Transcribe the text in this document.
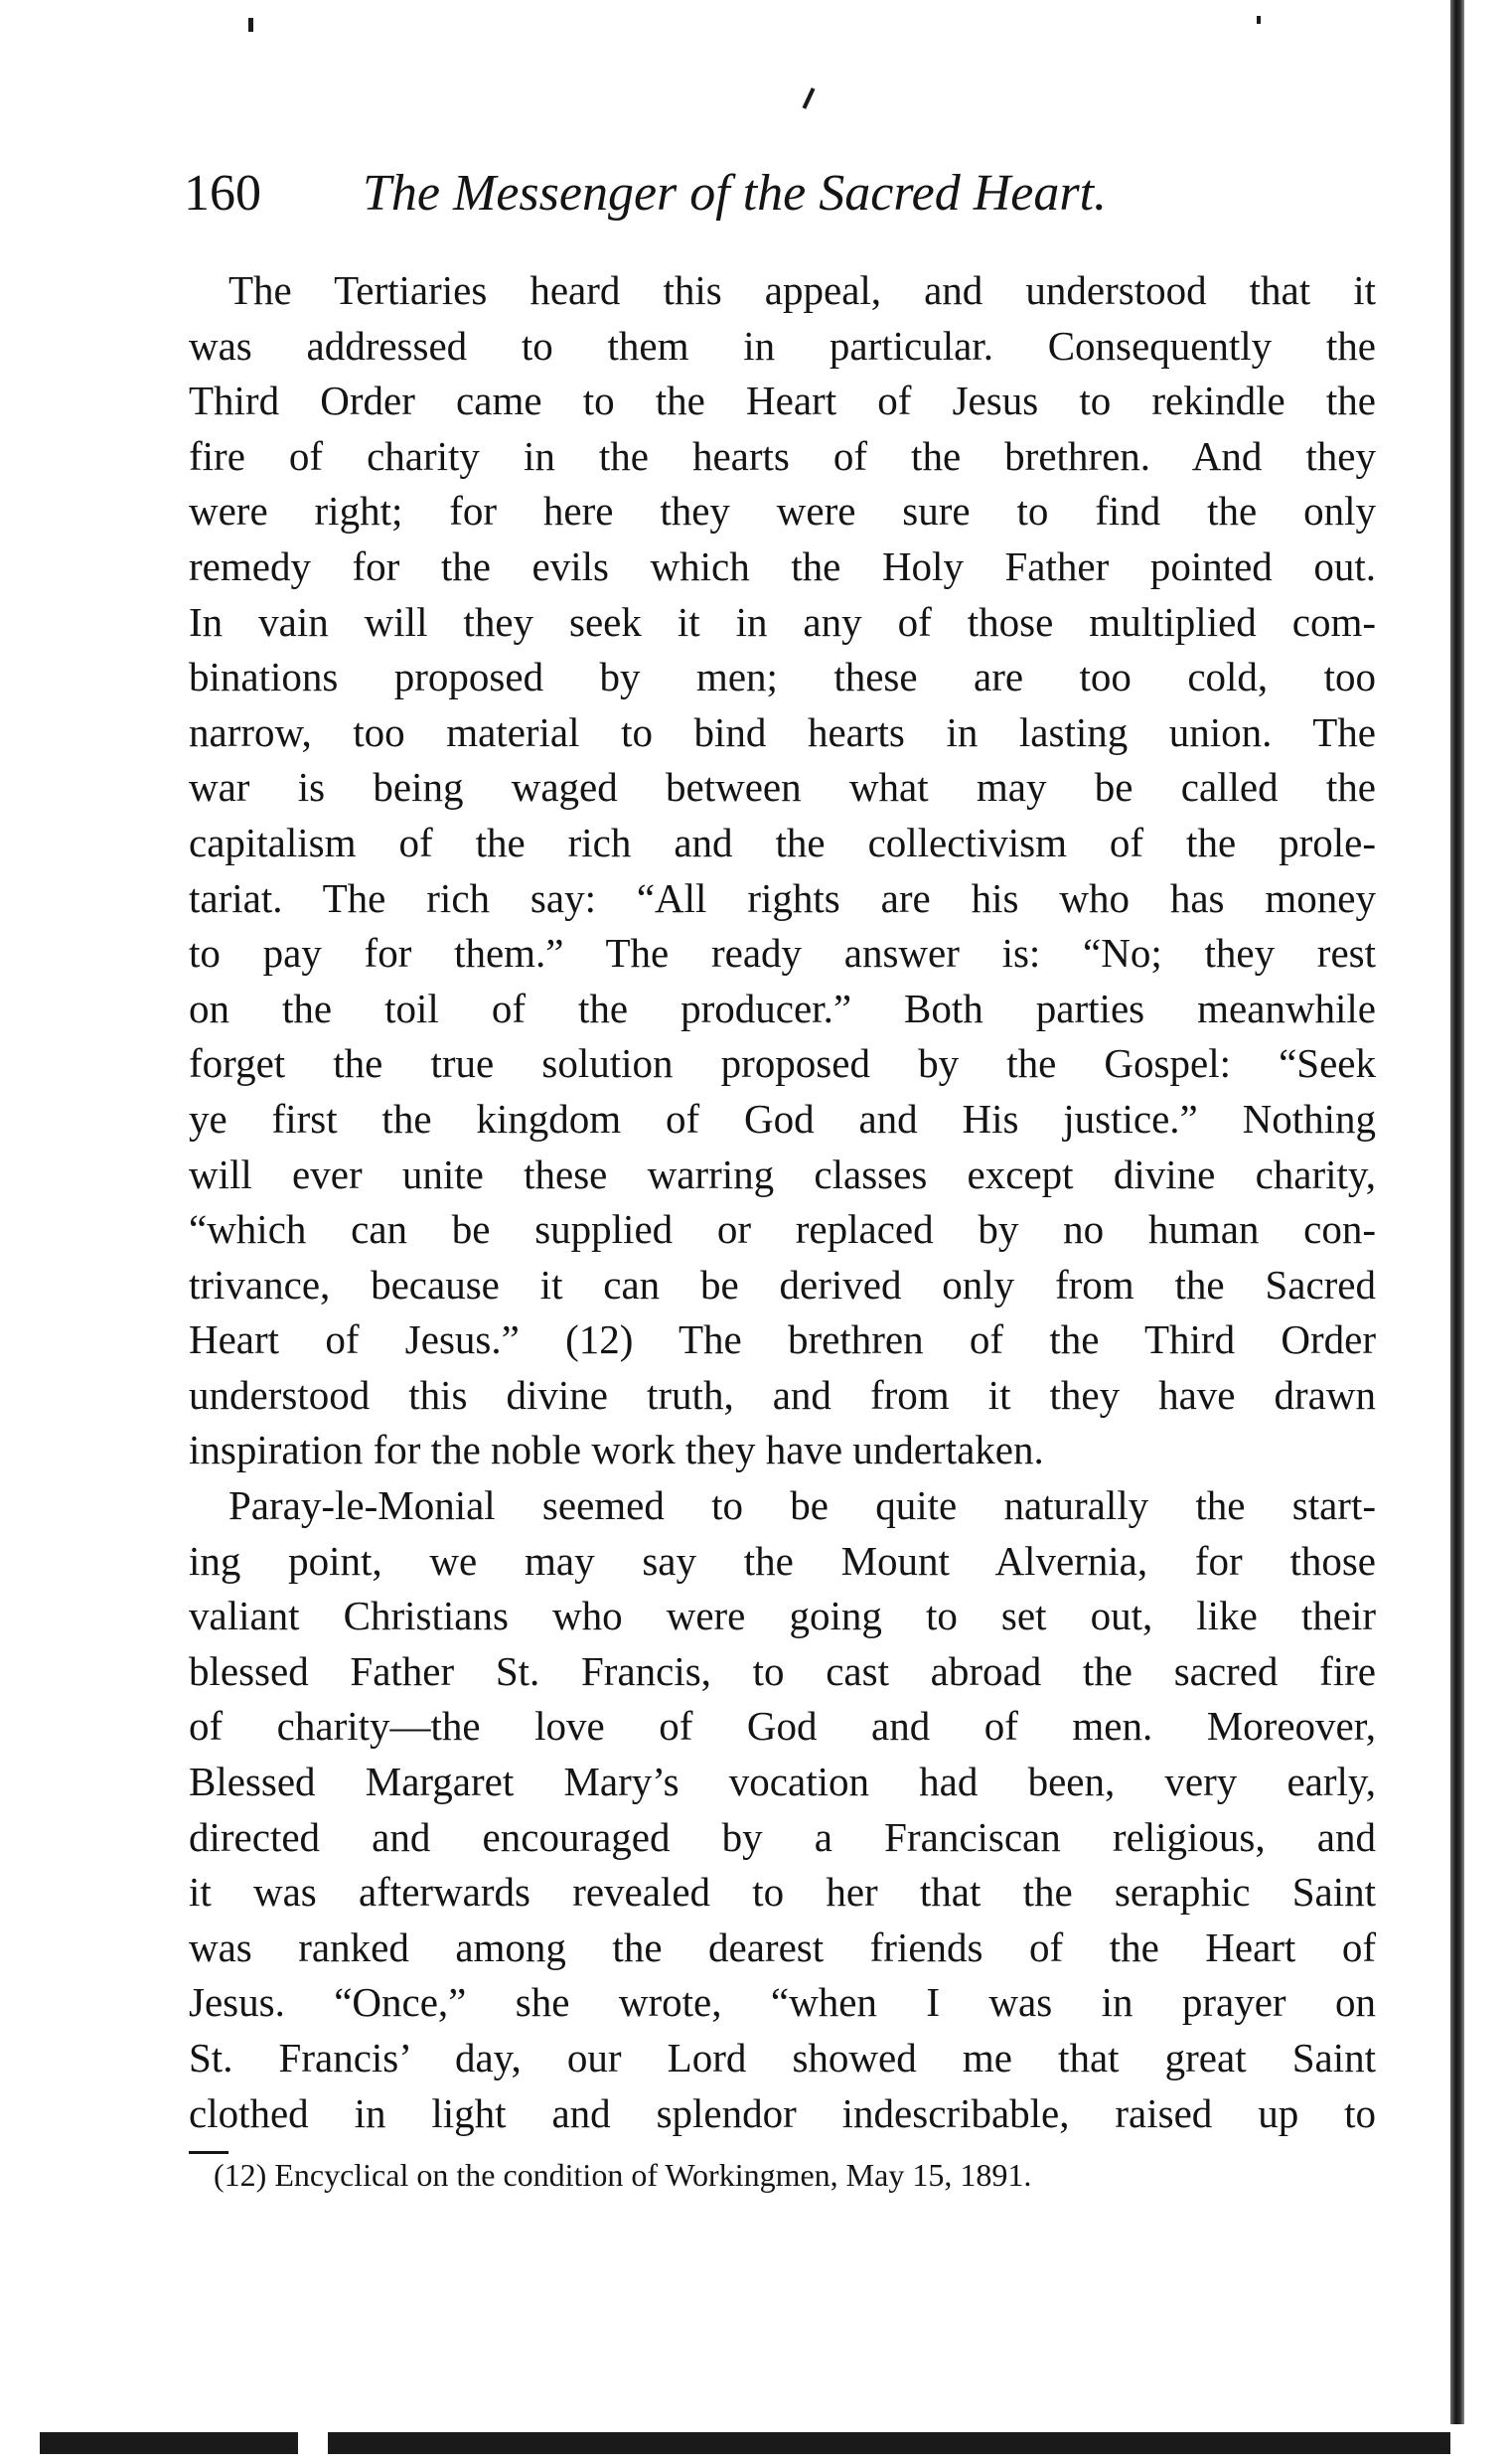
160 The Messenger of the Sacred Heart.
The Tertiaries heard this appeal, and understood that it
was addressed to them in particular. Consequently the
Third Order came to the Heart of Jesus to rekindle the
fire of charity in the hearts of the brethren. And they
were right; for here they were sure to find the only
remedy for the evils which the Holy Father pointed out.
In vain will they seek it in any of those multiplied com-
binations proposed by men; these are too cold, too
narrow, too material to bind hearts in lasting union. The
war is being waged between what may be called the
capitalism of the rich and the collectivism of the prole-
tariat. The rich say: “All rights are his who has money
to pay for them.” The ready answer is: “No; they rest
on the toil of the producer.” Both parties meanwhile
forget the true solution proposed by the Gospel: “Seek
ye first the kingdom of God and His justice.” Nothing
will ever unite these warring classes except divine charity,
“which can be supplied or replaced by no human con-
trivance, because it can be derived only from the Sacred
Heart of Jesus.” (12) The brethren of the Third Order
understood this divine truth, and from it they have drawn
inspiration for the noble work they have undertaken.
Paray-le-Monial seemed to be quite naturally the start-
ing point, we may say the Mount Alvernia, for those
valiant Christians who were going to set out, like their
blessed Father St. Francis, to cast abroad the sacred fire
of charity—the love of God and of men. Moreover,
Blessed Margaret Mary’s vocation had been, very early,
directed and encouraged by a Franciscan religious, and
it was afterwards revealed to her that the seraphic Saint
was ranked among the dearest friends of the Heart of
Jesus. “Once,” she wrote, “when I was in prayer on
St. Francis’ day, our Lord showed me that great Saint
clothed in light and splendor indescribable, raised up to
(12) Encyclical on the condition of Workingmen, May 15, 1891.
